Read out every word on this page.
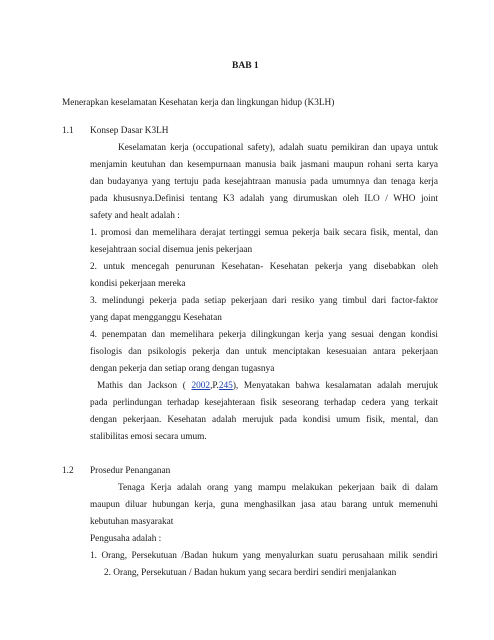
BAB 1
Menerapkan keselamatan Kesehatan kerja dan lingkungan hidup (K3LH)
1.1 Konsep Dasar K3LH
Keselamatan kerja (occupational safety), adalah suatu pemikiran dan upaya untuk
menjamin keutuhan dan kesempurnaan manusia baik jasmani maupun rohani serta karya
dan budayanya yang tertuju pada kesejahtraan manusia pada umumnya dan tenaga kerja
pada khususnya.Definisi tentang K3 adalah yang dirumuskan oleh ILO / WHO joint
safety and healt adalah :
1. promosi dan memelihara derajat tertinggi semua pekerja baik secara fisik, mental, dan
kesejahtraan social disemua jenis pekerjaan
2. untuk mencegah penurunan Kesehatan- Kesehatan pekerja yang disebabkan oleh
kondisi pekerjaan mereka
3. melindungi pekerja pada setiap pekerjaan dari resiko yang timbul dari factor-faktor
yang dapat mengganggu Kesehatan
4. penempatan dan memelihara pekerja dilingkungan kerja yang sesuai dengan kondisi
fisologis dan psikologis pekerja dan untuk menciptakan kesesuaian antara pekerjaan
dengan pekerja dan setiap orang dengan tugasnya
Mathis dan Jackson ( 2002,P.245), Menyatakan bahwa kesalamatan adalah merujuk
pada perlindungan terhadap kesejahteraan fisik seseorang terhadap cedera yang terkait
dengan pekerjaan. Kesehatan adalah merujuk pada kondisi umum fisik, mental, dan
stalibilitas emosi secara umum.
1.2 Prosedur Penanganan
Tenaga Kerja adalah orang yang mampu melakukan pekerjaan baik di dalam
maupun diluar hubungan kerja, guna menghasilkan jasa atau barang untuk memenuhi
kebutuhan masyarakat
Pengusaha adalah :
1. Orang, Persekutuan /Badan hukum yang menyalurkan suatu perusahaan milik sendiri
2. Orang, Persekutuan / Badan hukum yang secara berdiri sendiri menjalankan
